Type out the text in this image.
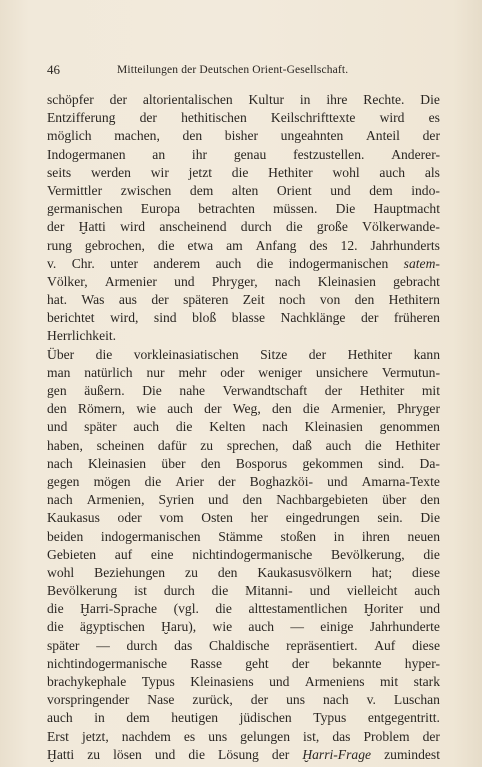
46	Mitteilungen der Deutschen Orient-Gesellschaft.
schöpfer der altorientalischen Kultur in ihre Rechte. Die
Entzifferung der hethitischen Keilschrifttexte wird es
möglich machen, den bisher ungeahnten Anteil der
Indogermanen an ihr genau festzustellen. Anderer-
seits werden wir jetzt die Hethiter wohl auch als
Vermittler zwischen dem alten Orient und dem indo-
germanischen Europa betrachten müssen. Die Hauptmacht
der Ḫatti wird anscheinend durch die große Völkerwande-
rung gebrochen, die etwa am Anfang des 12. Jahrhunderts
v. Chr. unter anderem auch die indogermanischen satem-
Völker, Armenier und Phryger, nach Kleinasien gebracht
hat. Was aus der späteren Zeit noch von den Hethitern
berichtet wird, sind bloß blasse Nachklänge der früheren
Herrlichkeit.
Über die vorkleinasiatischen Sitze der Hethiter kann
man natürlich nur mehr oder weniger unsichere Vermutun-
gen äußern. Die nahe Verwandtschaft der Hethiter mit
den Römern, wie auch der Weg, den die Armenier, Phryger
und später auch die Kelten nach Kleinasien genommen
haben, scheinen dafür zu sprechen, daß auch die Hethiter
nach Kleinasien über den Bosporus gekommen sind. Da-
gegen mögen die Arier der Boghazköi- und Amarna-Texte
nach Armenien, Syrien und den Nachbargebieten über den
Kaukasus oder vom Osten her eingedrungen sein. Die
beiden indogermanischen Stämme stoßen in ihren neuen
Gebieten auf eine nichtindogermanische Bevölkerung, die
wohl Beziehungen zu den Kaukasusvölkern hat; diese
Bevölkerung ist durch die Mitanni- und vielleicht auch
die Ḫarri-Sprache (vgl. die alttestamentlichen Ḫoriter und
die ägyptischen Ḫaru), wie auch — einige Jahrhunderte
später — durch das Chaldische repräsentiert. Auf diese
nichtindogermanische Rasse geht der bekannte hyper-
brachykephale Typus Kleinasiens und Armeniens mit stark
vorspringender Nase zurück, der uns nach v. Luschan
auch in dem heutigen jüdischen Typus entgegentritt.
Erst jetzt, nachdem es uns gelungen ist, das Problem der
Ḫatti zu lösen und die Lösung der Ḫarri-Frage zumindest
